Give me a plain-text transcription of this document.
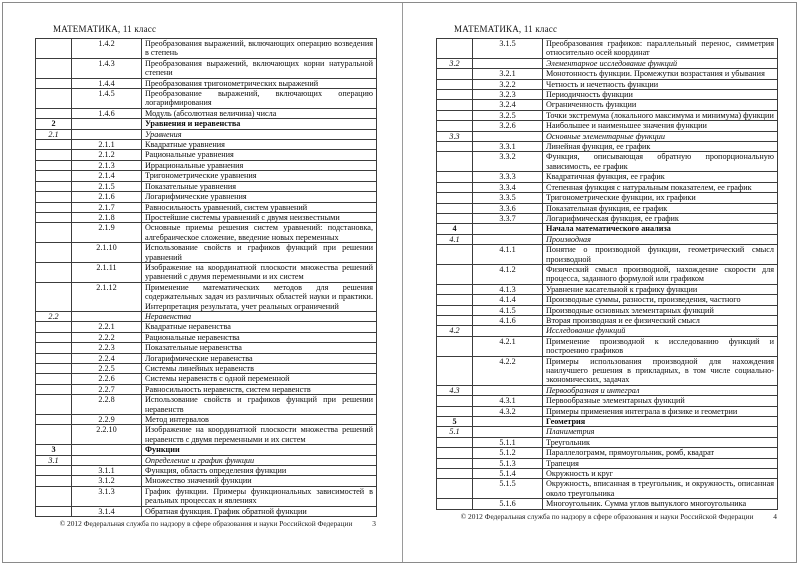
МАТЕМАТИКА, 11 класс
	1.4.2	Преобразования выражений, включающих операцию возведения в степень
	1.4.3	Преобразования выражений, включающих корни натуральной степени
	1.4.4	Преобразования тригонометрических выражений
	1.4.5	Преобразование выражений, включающих операцию логарифмирования
	1.4.6	Модуль (абсолютная величина) числа
2		Уравнения и неравенства
2.1		Уравнения
	2.1.1	Квадратные уравнения
	2.1.2	Рациональные уравнения
	2.1.3	Иррациональные уравнения
	2.1.4	Тригонометрические уравнения
	2.1.5	Показательные уравнения
	2.1.6	Логарифмические уравнения
	2.1.7	Равносильность уравнений, систем уравнений
	2.1.8	Простейшие системы уравнений с двумя неизвестными
	2.1.9	Основные приемы решения систем уравнений: подстановка, алгебраическое сложение, введение новых переменных
	2.1.10	Использование свойств и графиков функций при решении уравнений
	2.1.11	Изображение на координатной плоскости множества решений уравнений с двумя переменными и их систем
	2.1.12	Применение математических методов для решения содержательных задач из различных областей науки и практики. Интерпретация результата, учет реальных ограничений
2.2		Неравенства
	2.2.1	Квадратные неравенства
	2.2.2	Рациональные неравенства
	2.2.3	Показательные неравенства
	2.2.4	Логарифмические неравенства
	2.2.5	Системы линейных неравенств
	2.2.6	Системы неравенств с одной переменной
	2.2.7	Равносильность неравенств, систем неравенств
	2.2.8	Использование свойств и графиков функций при решении неравенств
	2.2.9	Метод интервалов
	2.2.10	Изображение на координатной плоскости множества решений неравенств с двумя переменными и их систем
3		Функции
3.1		Определение и график функции
	3.1.1	Функция, область определения функции
	3.1.2	Множество значений функции
	3.1.3	График функции. Примеры функциональных зависимостей в реальных процессах и явлениях
	3.1.4	Обратная функция. График обратной функции
© 2012 Федеральная служба по надзору в сфере образования и науки Российской Федерации	3
МАТЕМАТИКА, 11 класс
	3.1.5	Преобразования графиков: параллельный перенос, симметрия относительно осей координат
3.2		Элементарное исследование функций
	3.2.1	Монотонность функции. Промежутки возрастания и убывания
	3.2.2	Четность и нечетность функции
	3.2.3	Периодичность функции
	3.2.4	Ограниченность функции
	3.2.5	Точки экстремума (локального максимума и минимума) функции
	3.2.6	Наибольшее и наименьшее значения функции
3.3		Основные элементарные функции
	3.3.1	Линейная функция, ее график
	3.3.2	Функция, описывающая обратную пропорциональную зависимость, ее график
	3.3.3	Квадратичная функция, ее график
	3.3.4	Степенная функция с натуральным показателем, ее график
	3.3.5	Тригонометрические функции, их графики
	3.3.6	Показательная функция, ее график
	3.3.7	Логарифмическая функция, ее график
4		Начала математического анализа
4.1		Производная
	4.1.1	Понятие о производной функции, геометрический смысл производной
	4.1.2	Физический смысл производной, нахождение скорости для процесса, заданного формулой или графиком
	4.1.3	Уравнение касательной к графику функции
	4.1.4	Производные суммы, разности, произведения, частного
	4.1.5	Производные основных элементарных функций
	4.1.6	Вторая производная и ее физический смысл
4.2		Исследование функций
	4.2.1	Применение производной к исследованию функций и построению графиков
	4.2.2	Примеры использования производной для нахождения наилучшего решения в прикладных, в том числе социально-экономических, задачах
4.3		Первообразная и интеграл
	4.3.1	Первообразные элементарных функций
	4.3.2	Примеры применения интеграла в физике и геометрии
5		Геометрия
5.1		Планиметрия
	5.1.1	Треугольник
	5.1.2	Параллелограмм, прямоугольник, ромб, квадрат
	5.1.3	Трапеция
	5.1.4	Окружность и круг
	5.1.5	Окружность, вписанная в треугольник, и окружность, описанная около треугольника
	5.1.6	Многоугольник. Сумма углов выпуклого многоугольника
© 2012 Федеральная служба по надзору в сфере образования и науки Российской Федерации	4
